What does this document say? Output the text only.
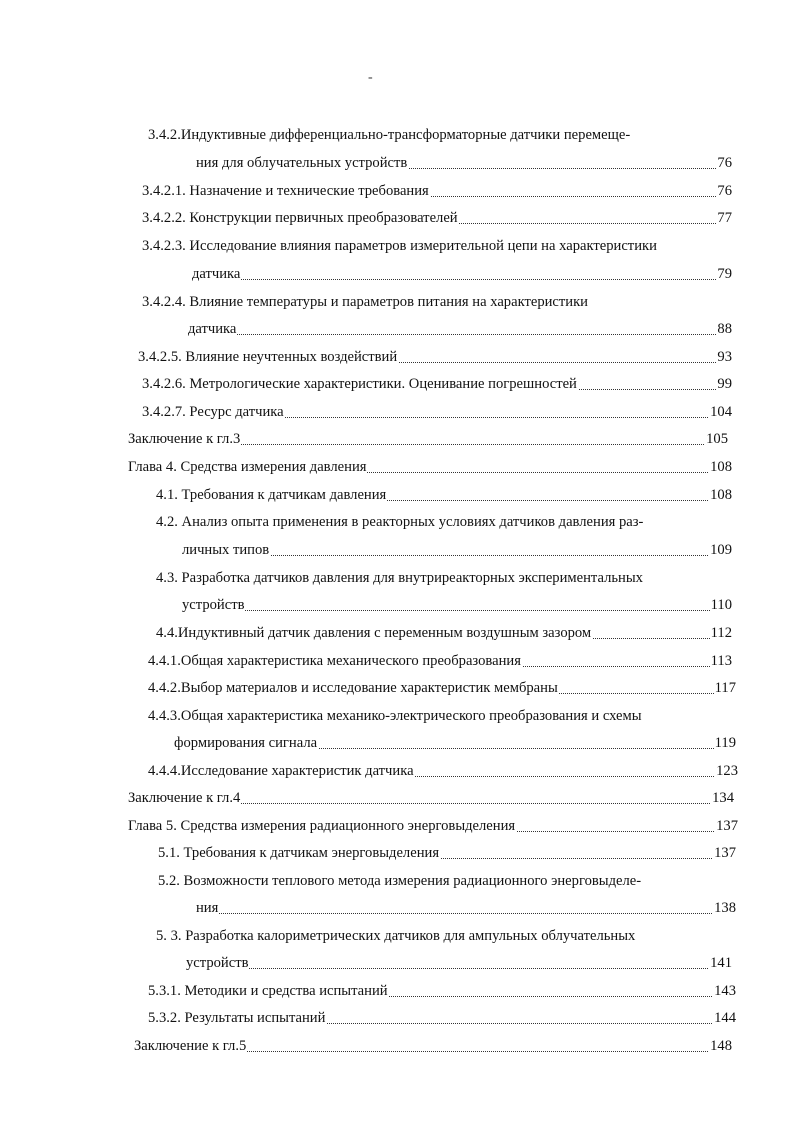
-
3.4.2.Индуктивные дифференциально-трансформаторные датчики перемеще-
ния для облучательных устройств	76
3.4.2.1. Назначение и технические требования	76
3.4.2.2. Конструкции первичных преобразователей	77
3.4.2.3. Исследование влияния параметров измерительной цепи на характеристики
датчика	79
3.4.2.4. Влияние температуры и параметров питания на характеристики
датчика	88
3.4.2.5. Влияние неучтенных воздействий	93
3.4.2.6. Метрологические характеристики. Оценивание погрешностей	99
3.4.2.7. Ресурс датчика	104
Заключение к гл.3	105
Глава 4. Средства измерения давления	108
4.1. Требования к датчикам давления	108
4.2. Анализ опыта применения в реакторных условиях датчиков давления раз-
личных типов	109
4.3. Разработка датчиков давления для внутриреакторных экспериментальных
устройств	110
4.4.Индуктивный датчик давления с переменным воздушным зазором	112
4.4.1.Общая характеристика механического преобразования	113
4.4.2.Выбор материалов и исследование характеристик мембраны	117
4.4.3.Общая характеристика механико-электрического преобразования и схемы
формирования сигнала	119
4.4.4.Исследование характеристик датчика	123
Заключение к гл.4	134
Глава 5. Средства измерения радиационного энерговыделения	137
5.1. Требования к датчикам энерговыделения	137
5.2. Возможности теплового метода измерения радиационного энерговыделе-
ния	138
5. 3. Разработка калориметрических датчиков для ампульных облучательных
устройств	141
5.3.1. Методики и средства испытаний	143
5.3.2. Результаты испытаний	144
Заключение к гл.5	148
